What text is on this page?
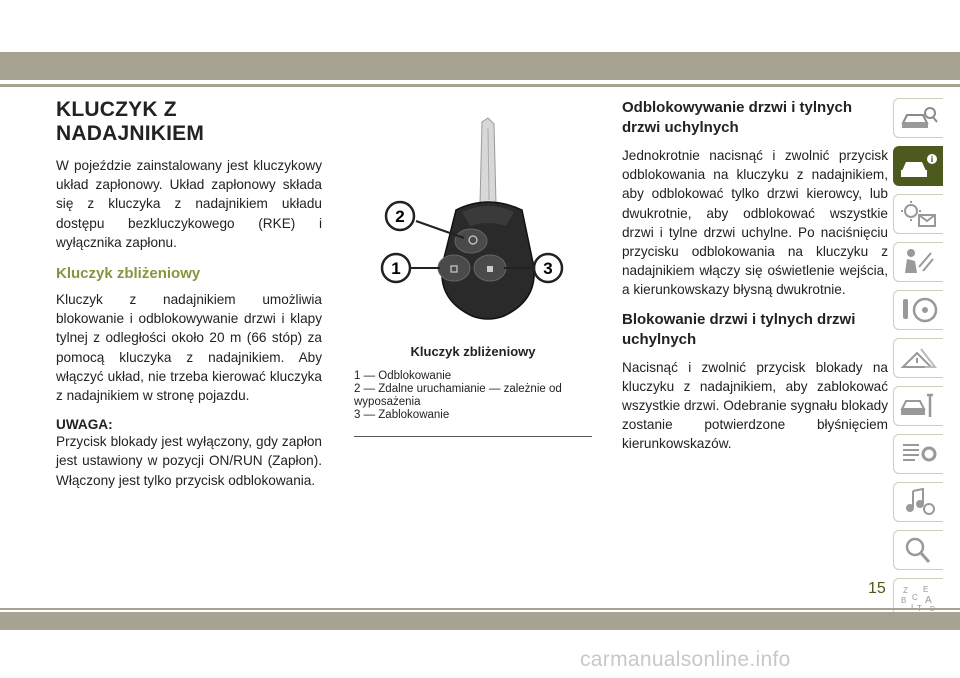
KLUCZYK Z NADAJNIKIEM

W pojeździe zainstalowany jest kluczykowy układ zapłonowy. Układ zapłonowy składa się z kluczyka z nadajnikiem układu dostępu bezkluczykowego (RKE) i wyłącznika zapłonu.

Kluczyk zbliżeniowy

Kluczyk z nadajnikiem umożliwia blokowanie i odblokowywanie drzwi i klapy tylnej z odległości około 20 m (66 stóp) za pomocą kluczyka z nadajnikiem. Aby włączyć układ, nie trzeba kierować kluczyka z nadajnikiem w stronę pojazdu.

UWAGA:

Przycisk blokady jest wyłączony, gdy zapłon jest ustawiony w pozycji ON/RUN (Zapłon). Włączony jest tylko przycisk odblokowania.

2
1	3
Kluczyk zbliżeniowy
1 — Odblokowanie
2 — Zdalne uruchamianie — zależnie od wyposażenia
3 — Zablokowanie
Odblokowywanie drzwi i tylnych drzwi uchylnych

Jednokrotnie nacisnąć i zwolnić przycisk odblokowania na kluczyku z nadajnikiem, aby odblokować tylko drzwi kierowcy, lub dwukrotnie, aby odblokować wszystkie drzwi i tylne drzwi uchylne. Po naciśnięciu przycisku odblokowania na kluczyku z nadajnikiem włączy się oświetlenie wejścia, a kierunkowskazy błysną dwukrotnie.

Blokowanie drzwi i tylnych drzwi uchylnych

Nacisnąć i zwolnić przycisk blokady na kluczyku z nadajnikiem, aby zablokować wszystkie drzwi. Odebranie sygnału blokady zostanie potwierdzone błyśnięciem kierunkowskazów.

i
Z E
B A
C
15
carmanualsonline.info
